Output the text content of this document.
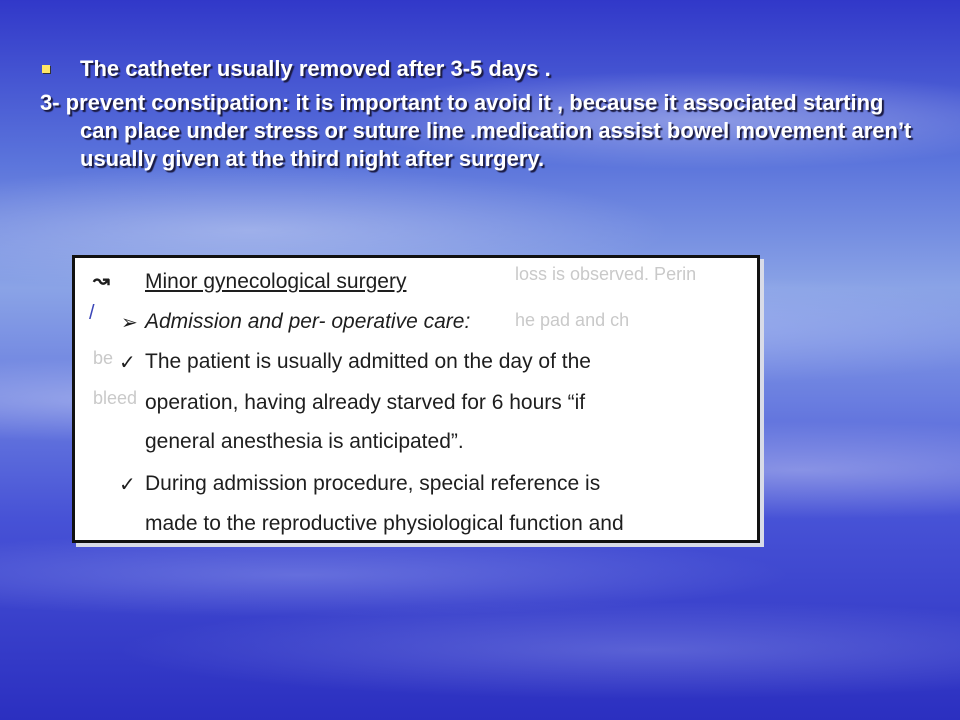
The catheter usually removed after 3-5 days .
3- prevent constipation: it is important to avoid it , because it associated starting can place under stress or suture line .medication assist bowel movement aren’t usually given at the third night after surgery.
loss is observed. Perin
he pad and ch
be
bleed
↝ Minor gynecological surgery
/ ➢ Admission and per- operative care:
✓ The patient is usually admitted on the day of the
operation, having already starved for 6 hours “if
general anesthesia is anticipated”.
✓ During admission procedure, special reference is
made to the reproductive physiological function and
